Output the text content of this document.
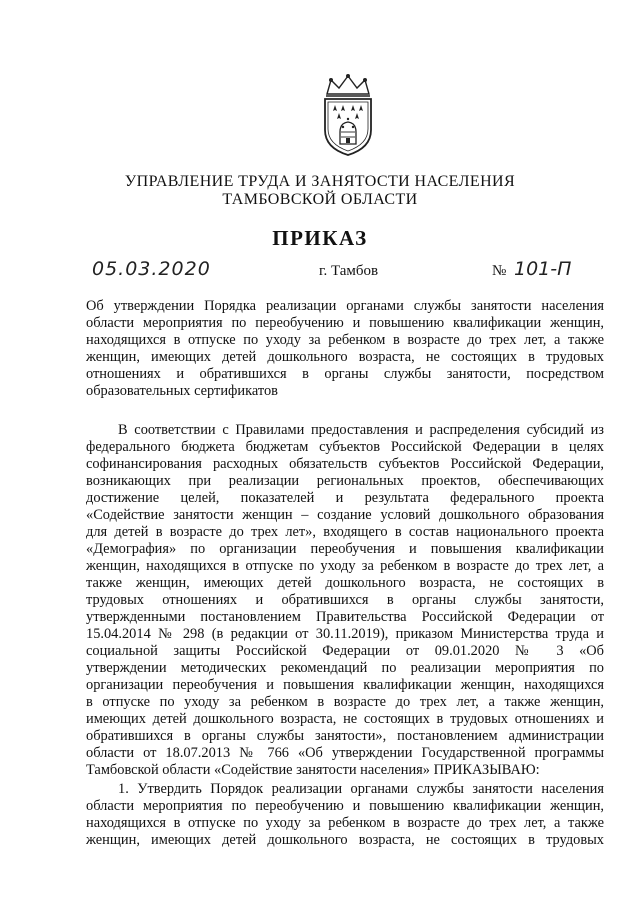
УПРАВЛЕНИЕ ТРУДА И ЗАНЯТОСТИ НАСЕЛЕНИЯ
ТАМБОВСКОЙ ОБЛАСТИ
ПРИКАЗ
05.03.2020	г. Тамбов	№ 101-П
Об утверждении Порядка реализации органами службы занятости населения
области мероприятия по переобучению и повышению квалификации женщин,
находящихся в отпуске по уходу за ребенком в возрасте до трех лет, а также
женщин, имеющих детей дошкольного возраста, не состоящих в трудовых
отношениях и обратившихся в органы службы занятости, посредством
образовательных сертификатов
В соответствии с Правилами предоставления и распределения субсидий из
федерального бюджета бюджетам субъектов Российской Федерации в целях
софинансирования расходных обязательств субъектов Российской Федерации,
возникающих при реализации региональных проектов, обеспечивающих
достижение целей, показателей и результата федерального проекта
«Содействие занятости женщин – создание условий дошкольного образования
для детей в возрасте до трех лет», входящего в состав национального проекта
«Демография» по организации переобучения и повышения квалификации
женщин, находящихся в отпуске по уходу за ребенком в возрасте до трех лет, а
также женщин, имеющих детей дошкольного возраста, не состоящих в
трудовых отношениях и обратившихся в органы службы занятости,
утвержденными постановлением Правительства Российской Федерации от
15.04.2014 № 298 (в редакции от 30.11.2019), приказом Министерства труда и
социальной защиты Российской Федерации от 09.01.2020 № 3 «Об
утверждении методических рекомендаций по реализации мероприятия по
организации переобучения и повышения квалификации женщин, находящихся
в отпуске по уходу за ребенком в возрасте до трех лет, а также женщин,
имеющих детей дошкольного возраста, не состоящих в трудовых отношениях и
обратившихся в органы службы занятости», постановлением администрации
области от 18.07.2013 № 766 «Об утверждении Государственной программы
Тамбовской области «Содействие занятости населения» ПРИКАЗЫВАЮ:
1. Утвердить Порядок реализации органами службы занятости населения
области мероприятия по переобучению и повышению квалификации женщин,
находящихся в отпуске по уходу за ребенком в возрасте до трех лет, а также
женщин, имеющих детей дошкольного возраста, не состоящих в трудовых
